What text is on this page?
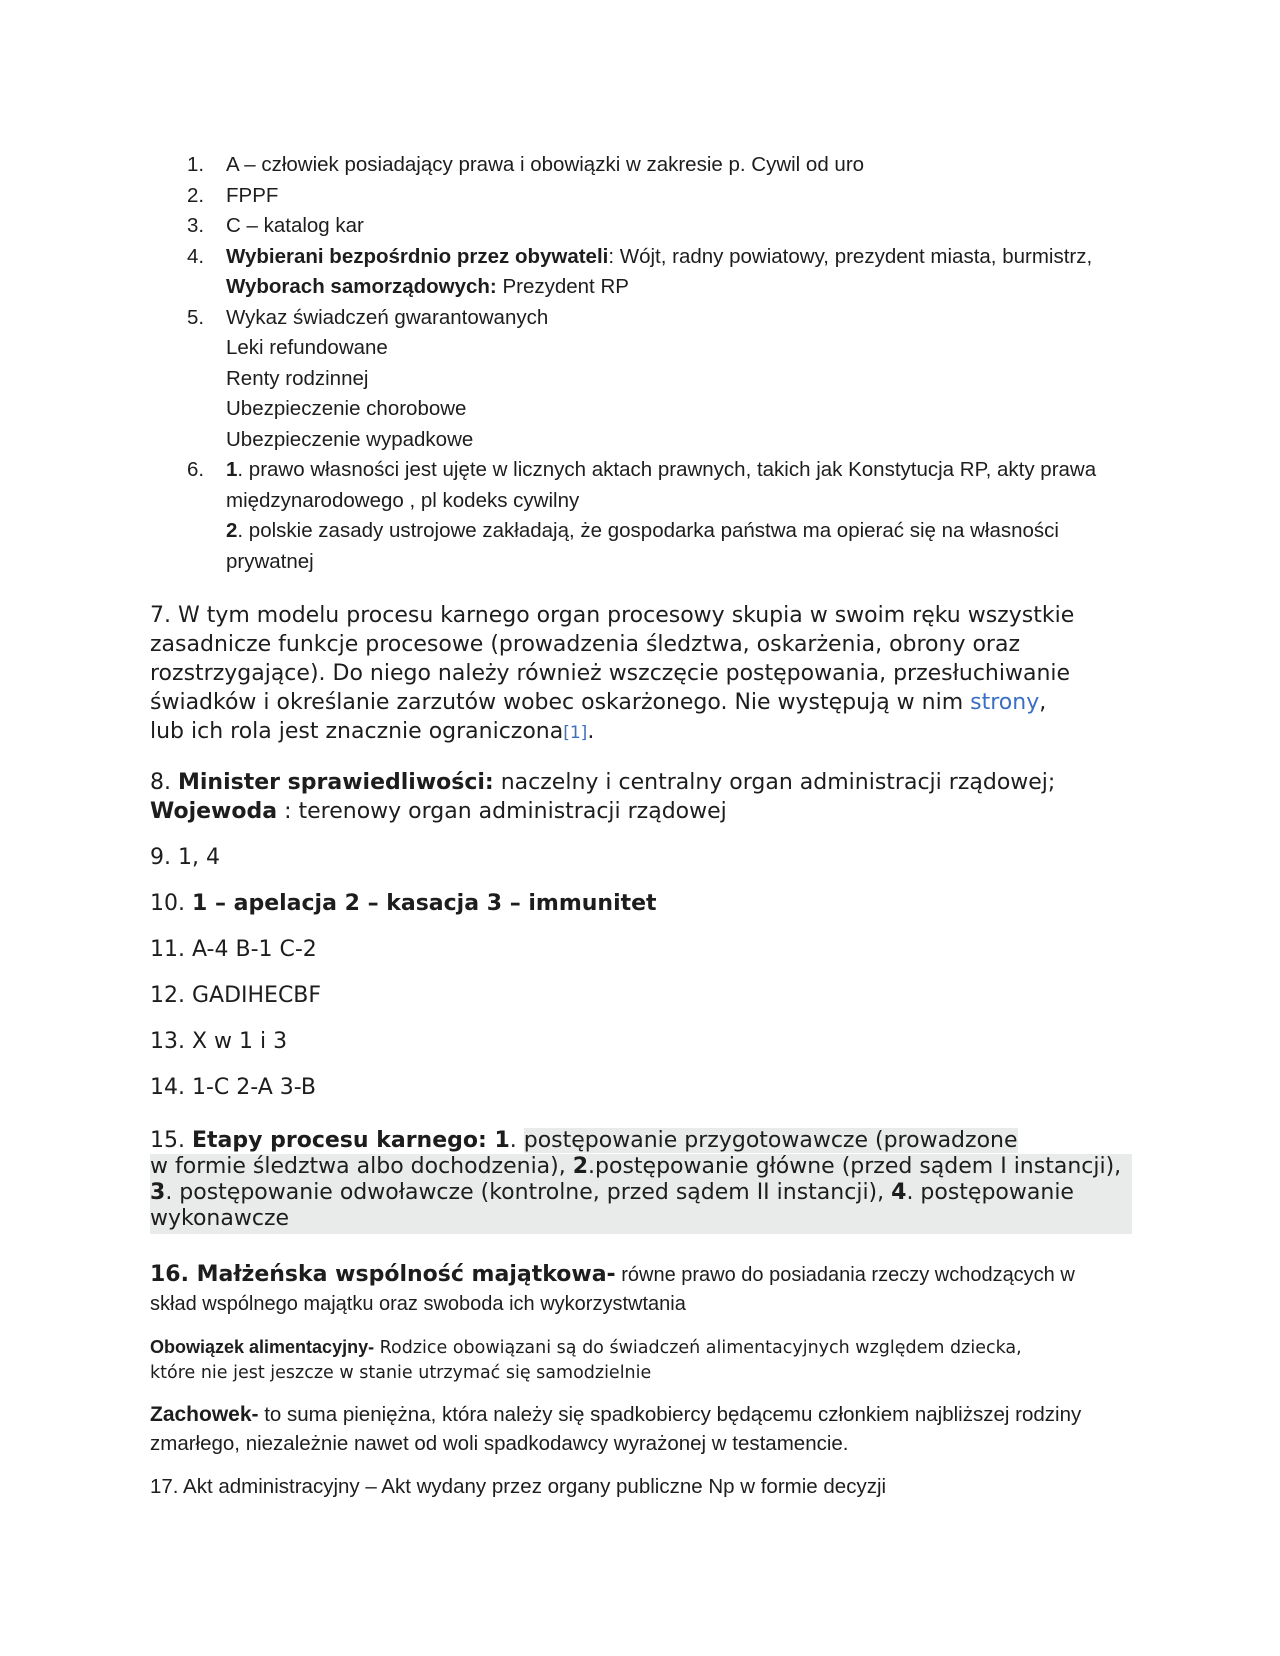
1. A – człowiek posiadający prawa i obowiązki w zakresie p. Cywil od uro
2. FPPF
3. C – katalog kar
4. Wybierani bezpośrdnio przez obywateli: Wójt, radny powiatowy, prezydent miasta, burmistrz,
Wyborach samorządowych: Prezydent RP
5. Wykaz świadczeń gwarantowanych
Leki refundowane
Renty rodzinnej
Ubezpieczenie chorobowe
Ubezpieczenie wypadkowe
6. 1. prawo własności jest ujęte w licznych aktach prawnych, takich jak Konstytucja RP, akty prawa
międzynarodowego , pl kodeks cywilny
2. polskie zasady ustrojowe zakładają, że gospodarka państwa ma opierać się na własności
prywatnej
7. W tym modelu procesu karnego organ procesowy skupia w swoim ręku wszystkie
zasadnicze funkcje procesowe (prowadzenia śledztwa, oskarżenia, obrony oraz
rozstrzygające). Do niego należy również wszczęcie postępowania, przesłuchiwanie
świadków i określanie zarzutów wobec oskarżonego. Nie występują w nim strony,
lub ich rola jest znacznie ograniczona[1].
8. Minister sprawiedliwości: naczelny i centralny organ administracji rządowej;
Wojewoda : terenowy organ administracji rządowej
9. 1, 4
10. 1 – apelacja 2 – kasacja 3 – immunitet
11. A-4 B-1 C-2
12. GADIHECBF
13. X w 1 i 3
14. 1-C 2-A 3-B
15. Etapy procesu karnego: 1. postępowanie przygotowawcze (prowadzone
w formie śledztwa albo dochodzenia), 2.postępowanie główne (przed sądem I instancji),
3. postępowanie odwoławcze (kontrolne, przed sądem II instancji), 4. postępowanie
wykonawcze
16. Małżeńska wspólność majątkowa- równe prawo do posiadania rzeczy wchodzących w
skład wspólnego majątku oraz swoboda ich wykorzystwtania
Obowiązek alimentacyjny- Rodzice obowiązani są do świadczeń alimentacyjnych względem dziecka,
które nie jest jeszcze w stanie utrzymać się samodzielnie
Zachowek- to suma pieniężna, która należy się spadkobiercy będącemu członkiem najbliższej rodziny
zmarłego, niezależnie nawet od woli spadkodawcy wyrażonej w testamencie.
17. Akt administracyjny – Akt wydany przez organy publiczne Np w formie decyzji
